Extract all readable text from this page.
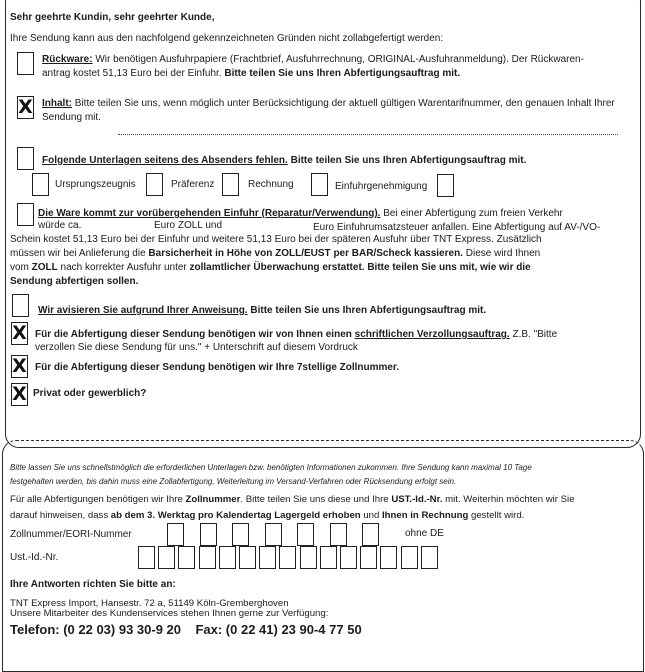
Sehr geehrte Kundin, sehr geehrter Kunde,
Ihre Sendung kann aus den nachfolgend gekennzeichneten Gründen nicht zollabgefertigt werden:
Rückware: Wir benötigen Ausfuhrpapiere (Frachtbrief, Ausfuhrrechnung, ORIGINAL-Ausfuhranmeldung). Der Rückwaren-
antrag kostet 51,13 Euro bei der Einfuhr. Bitte teilen Sie uns Ihren Abfertigungsauftrag mit.
X Inhalt: Bitte teilen Sie uns, wenn möglich unter Berücksichtigung der aktuell gültigen Warentarifnummer, den genauen Inhalt Ihrer
Sendung mit.
Folgende Unterlagen seitens des Absenders fehlen. Bitte teilen Sie uns Ihren Abfertigungsauftrag mit.
Ursprungszeugnis	Präferenz	Rechnung	Einfuhrgenehmigung
Die Ware kommt zur vorübergehenden Einfuhr (Reparatur/Verwendung). Bei einer Abfertigung zum freien Verkehr
würde ca.	Euro ZOLL und	Euro Einfuhrumsatzsteuer anfallen. Eine Abfertigung auf AV-/VO-
Schein kostet 51,13 Euro bei der Einfuhr und weitere 51,13 Euro bei der späteren Ausfuhr über TNT Express. Zusätzlich
müssen wir bei Anlieferung die Barsicherheit in Höhe von ZOLL/EUST per BAR/Scheck kassieren. Diese wird Ihnen
vom ZOLL nach korrekter Ausfuhr unter zollamtlicher Überwachung erstattet. Bitte teilen Sie uns mit, wie wir die
Sendung abfertigen sollen.
Wir avisieren Sie aufgrund Ihrer Anweisung. Bitte teilen Sie uns Ihren Abfertigungsauftrag mit.
X Für die Abfertigung dieser Sendung benötigen wir von Ihnen einen schriftlichen Verzollungsauftrag. Z.B. "Bitte
verzollen Sie diese Sendung für uns." + Unterschrift auf diesem Vordruck
X Für die Abfertigung dieser Sendung benötigen wir Ihre 7stellige Zollnummer.
X Privat oder gewerblich?
Bitte lassen Sie uns schnellstmöglich die erforderlichen Unterlagen bzw. benötigten Informationen zukommen. Ihre Sendung kann maximal 10 Tage
festgehalten werden, bis dahin muss eine Zollabfertigung, Weiterleitung im Versand-Verfahren oder Rücksendung erfolgt sein.
Für alle Abfertigungen benötigen wir Ihre Zollnummer. Bitte teilen Sie uns diese und Ihre UST.-Id.-Nr. mit. Weiterhin möchten wir Sie
darauf hinweisen, dass ab dem 3. Werktag pro Kalendertag Lagergeld erhoben und Ihnen in Rechnung gestellt wird.
Zollnummer/EORI-Nummer	ohne DE
Ust.-Id.-Nr.
Ihre Antworten richten Sie bitte an:
TNT Express Import, Hansestr. 72 a, 51149 Köln-Gremberghoven
Unsere Mitarbeiter des Kundenservices stehen Ihnen gerne zur Verfügung:
Telefon: (0 22 03) 93 30-9 20    Fax: (0 22 41) 23 90-4 77 50
